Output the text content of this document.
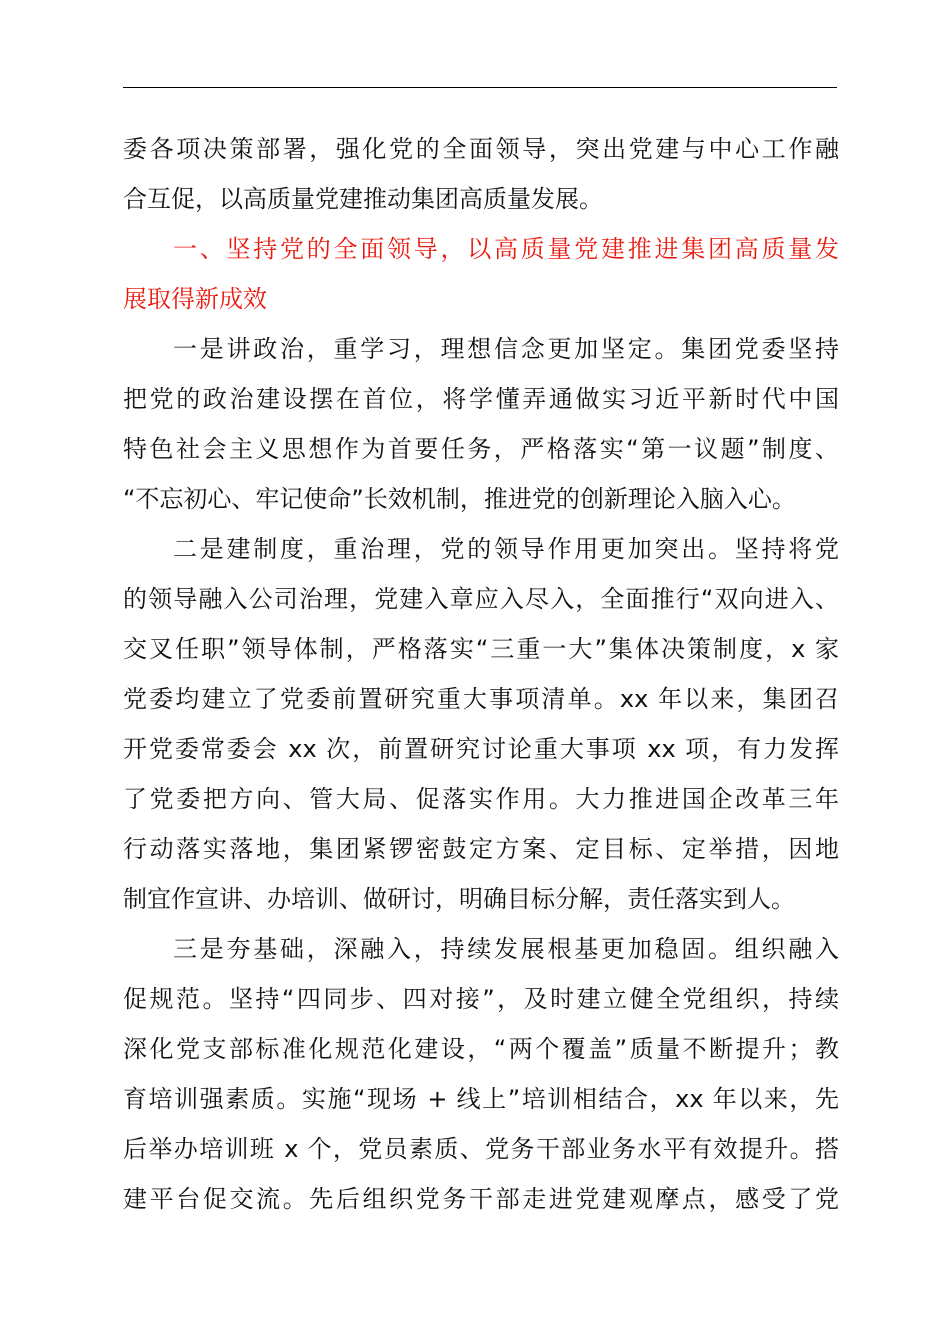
委各项决策部署，强化党的全面领导，突出党建与中心工作融
合互促，以高质量党建推动集团高质量发展。
一、坚持党的全面领导，以高质量党建推进集团高质量发
展取得新成效
一是讲政治，重学习，理想信念更加坚定。集团党委坚持
把党的政治建设摆在首位，将学懂弄通做实习近平新时代中国
特色社会主义思想作为首要任务，严格落实“第一议题”制度、
“不忘初心、牢记使命”长效机制，推进党的创新理论入脑入心。
二是建制度，重治理，党的领导作用更加突出。坚持将党
的领导融入公司治理，党建入章应入尽入，全面推行“双向进入、
交叉任职”领导体制，严格落实“三重一大”集体决策制度，x 家
党委均建立了党委前置研究重大事项清单。xx 年以来，集团召
开党委常委会 xx 次，前置研究讨论重大事项 xx 项，有力发挥
了党委把方向、管大局、促落实作用。大力推进国企改革三年
行动落实落地，集团紧锣密鼓定方案、定目标、定举措，因地
制宜作宣讲、办培训、做研讨，明确目标分解，责任落实到人。
三是夯基础，深融入，持续发展根基更加稳固。组织融入
促规范。坚持“四同步、四对接”，及时建立健全党组织，持续
深化党支部标准化规范化建设，“两个覆盖”质量不断提升；教
育培训强素质。实施“现场 + 线上”培训相结合，xx 年以来，先
后举办培训班 x 个，党员素质、党务干部业务水平有效提升。搭
建平台促交流。先后组织党务干部走进党建观摩点，感受了党
